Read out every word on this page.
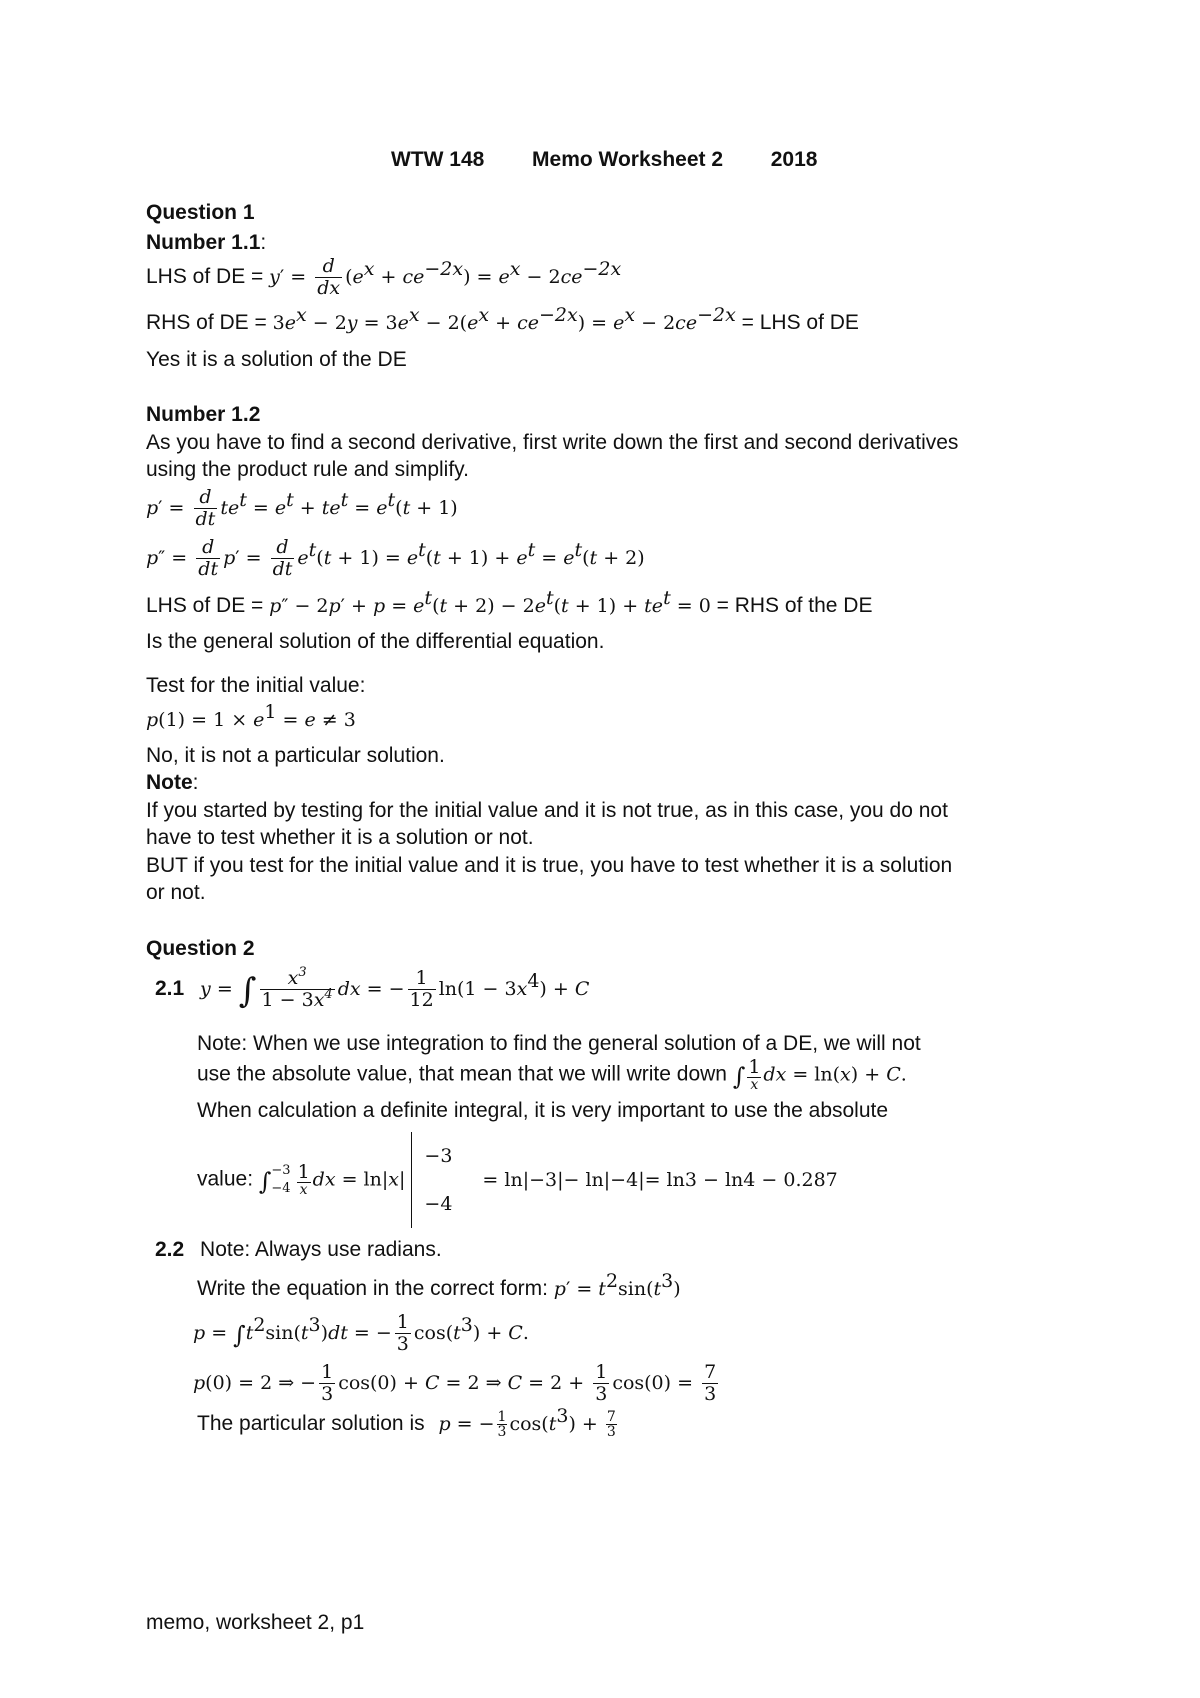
WTW 148 Memo Worksheet 2 2018
Question 1
Number 1.1:
LHS of DE = $y' = \frac{d}{dx} (e^x + ce^{-2x}) = e^x - 2ce^{-2x}$
RHS of DE = $3e^x - 2y = 3e^x - 2(e^x + ce^{-2x}) = e^x - 2ce^{-2x}$ = LHS of DE
Yes it is a solution of the DE
Number 1.2
As you have to find a second derivative, first write down the first and second derivatives
using the product rule and simplify.
$p' = \frac{d}{dt} te^t = e^t + te^t = e^t(t + 1)$
$p'' = \frac{d}{dt} p' = \frac{d}{dt} e^t(t + 1) = e^t(t + 1) + e^t = e^t(t + 2)$
LHS of DE = $p'' - 2p' + p = e^t(t + 2) - 2e^t(t + 1) + te^t = 0$ = RHS of the DE
Is the general solution of the differential equation.
Test for the initial value:
$p(1) = 1 \times e^1 = e \ne 3$
No, it is not a particular solution.
Note:
If you started by testing for the initial value and it is not true, as in this case, you do not
have to test whether it is a solution or not.
BUT if you test for the initial value and it is true, you have to test whether it is a solution
or not.
Question 2
2.1 y = ∫ $\frac{x^3}{1 - 3x^4}$ dx = − $\frac{1}{12} \ln(1 - 3x^4) + C$
Note: When we use integration to find the general solution of a DE, we will not
use the absolute value, that mean that we will write down ∫ 1
x dx = ln(x) + C.
When calculation a definite integral, it is very important to use the absolute
value: ∫ −3
−4
1
x dx = ln|x|
−3
−4
= ln|−3|− ln|−4|= ln3 − ln4 − 0.287
2.2 Note: Always use radians.
Write the equation in the correct form: $p' = t^2\sin(t^3)$
$p = \int t^2\sin(t^3)dt$ = − $\frac{1}{3} \cos(t^3) + C$.
p(0) = 2 ⇒ − $\frac{1}{3} \cos(0) + C = 2$ ⇒ $C = 2 + \frac{1}{3} \cos(0) = \frac{7}{3}$
The particular solution is p = − $\frac{1}{3} \cos(t^3) + \frac{7}{3}$
memo, worksheet 2, p1
